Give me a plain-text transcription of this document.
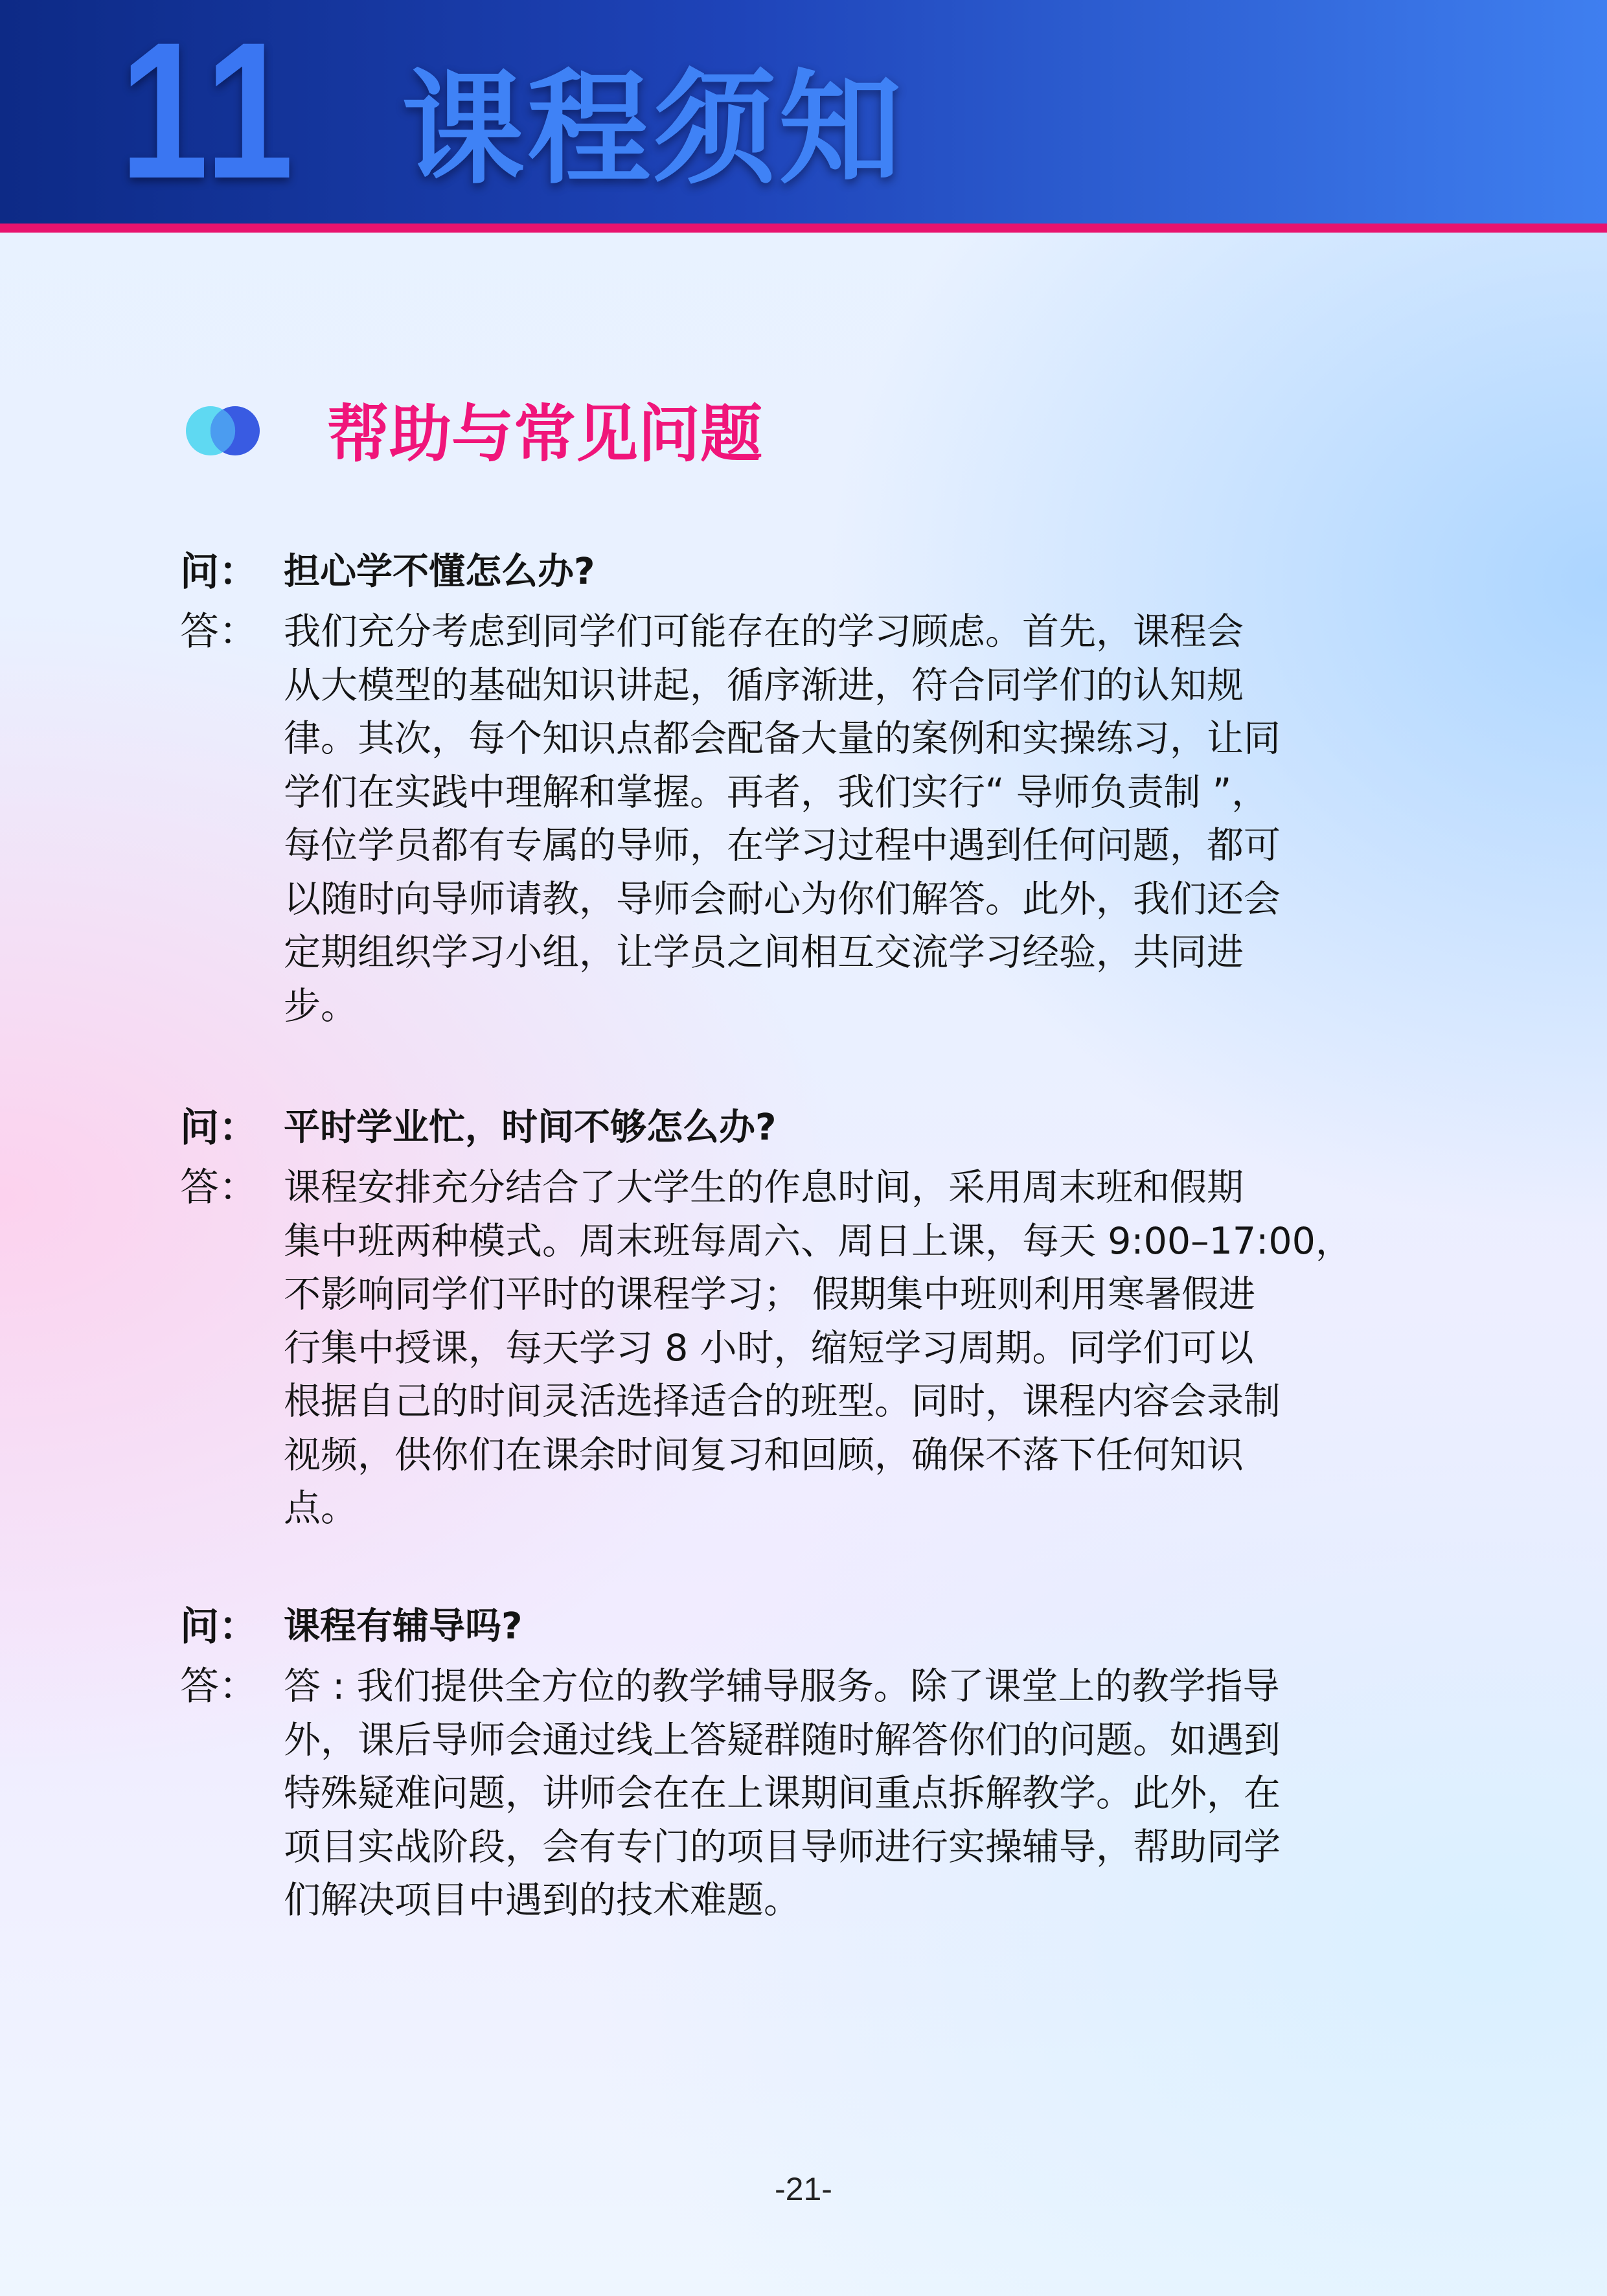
11 课程须知
帮助与常见问题
问： 担心学不懂怎么办?
答： 我们充分考虑到同学们可能存在的学习顾虑。首先，课程会
从大模型的基础知识讲起，循序渐进，符合同学们的认知规
律。其次，每个知识点都会配备大量的案例和实操练习，让同
学们在实践中理解和掌握。再者，我们实行“ 导师负责制 ”，
每位学员都有专属的导师，在学习过程中遇到任何问题，都可
以随时向导师请教，导师会耐心为你们解答。此外，我们还会
定期组织学习小组，让学员之间相互交流学习经验，共同进
步。
问： 平时学业忙，时间不够怎么办?
答： 课程安排充分结合了大学生的作息时间，采用周末班和假期
集中班两种模式。周末班每周六、周日上课，每天 9:00–17:00，
不影响同学们平时的课程学习； 假期集中班则利用寒暑假进
行集中授课，每天学习 8 小时，缩短学习周期。同学们可以
根据自己的时间灵活选择适合的班型。同时，课程内容会录制
视频，供你们在课余时间复习和回顾，确保不落下任何知识
点。
问： 课程有辅导吗?
答： 答 : 我们提供全方位的教学辅导服务。除了课堂上的教学指导
外，课后导师会通过线上答疑群随时解答你们的问题。如遇到
特殊疑难问题，讲师会在在上课期间重点拆解教学。此外，在
项目实战阶段，会有专门的项目导师进行实操辅导，帮助同学
们解决项目中遇到的技术难题。
-21-
